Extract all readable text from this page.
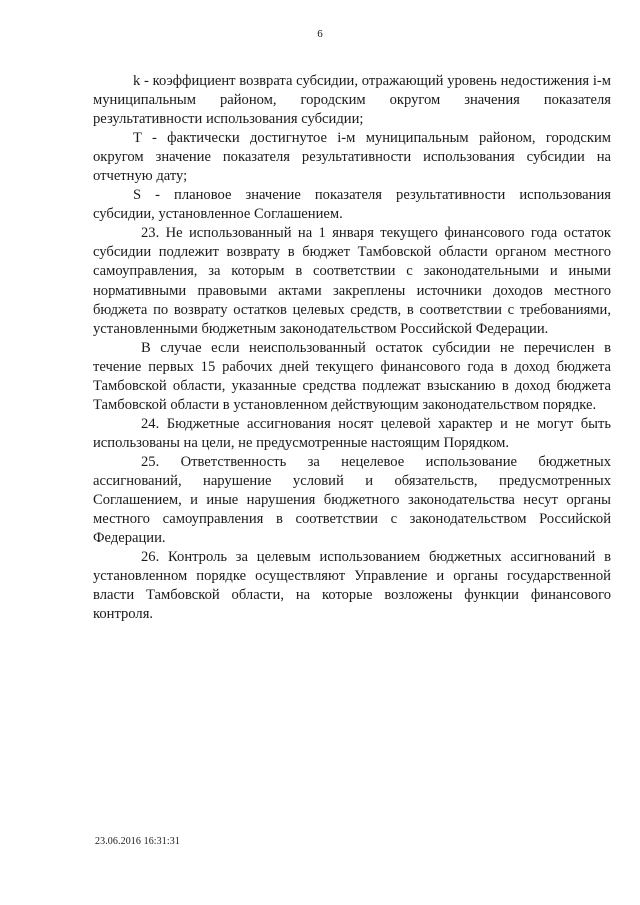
6

k - коэффициент возврата субсидии, отражающий уровень недостижения i-м муниципальным районом, городским округом значения показателя результативности использования субсидии;

T - фактически достигнутое i-м муниципальным районом, городским округом значение показателя результативности использования субсидии на отчетную дату;

S - плановое значение показателя результативности использования субсидии, установленное Соглашением.

23. Не использованный на 1 января текущего финансового года остаток субсидии подлежит возврату в бюджет Тамбовской области органом местного самоуправления, за которым в соответствии с законодательными и иными нормативными правовыми актами закреплены источники доходов местного бюджета по возврату остатков целевых средств, в соответствии с требованиями, установленными бюджетным законодательством Российской Федерации.

В случае если неиспользованный остаток субсидии не перечислен в течение первых 15 рабочих дней текущего финансового года в доход бюджета Тамбовской области, указанные средства подлежат взысканию в доход бюджета Тамбовской области в установленном действующим законодательством порядке.

24. Бюджетные ассигнования носят целевой характер и не могут быть использованы на цели, не предусмотренные настоящим Порядком.

25. Ответственность за нецелевое использование бюджетных ассигнований, нарушение условий и обязательств, предусмотренных Соглашением, и иные нарушения бюджетного законодательства несут органы местного самоуправления в соответствии с законодательством Российской Федерации.

26. Контроль за целевым использованием бюджетных ассигнований в установленном порядке осуществляют Управление и органы государственной власти Тамбовской области, на которые возложены функции финансового контроля.

23.06.2016 16:31:31
